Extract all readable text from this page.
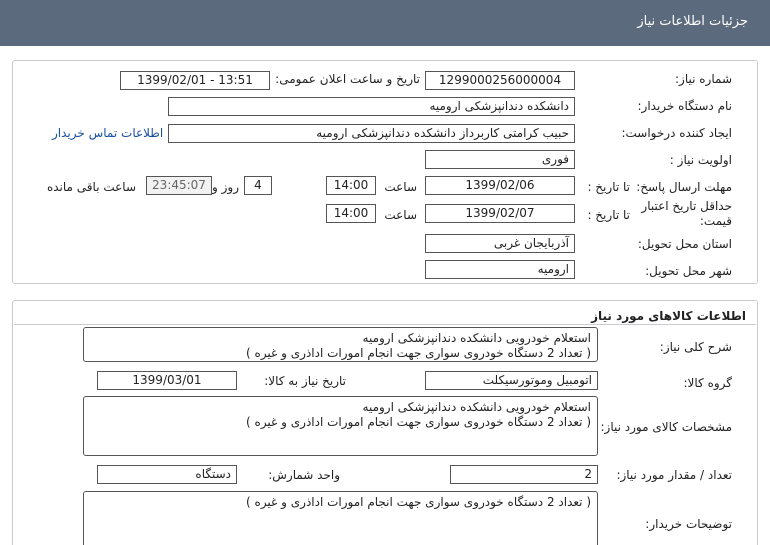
جزئیات اطلاعات نیاز
شماره نیاز:
1299000256000004
تاریخ و ساعت اعلان عمومی:
1399/02/01 - 13:51
نام دستگاه خریدار:
دانشکده دندانپزشکی ارومیه
ایجاد کننده درخواست:
حبیب کرامتی کاربرداز دانشکده دندانپزشکی ارومیه
اطلاعات تماس خریدار
اولویت نیاز :
فوری
مهلت ارسال پاسخ:
تا تاریخ :
1399/02/06
ساعت
14:00
4
روز و
23:45:07
ساعت باقی مانده
حداقل تاریخ اعتبار قیمت:
تا تاریخ :
1399/02/07
ساعت
14:00
استان محل تحویل:
آذربایجان غربی
شهر محل تحویل:
ارومیه
اطلاعات کالاهای مورد نیاز
شرح کلی نیاز:
استعلام خودرویی دانشکده دندانپزشکی ارومیه
( تعداد 2 دستگاه خودروی سواری جهت انجام امورات اداذری و غیره )
گروه کالا:
اتومبیل وموتورسیکلت
تاریخ نیاز به کالا:
1399/03/01
مشخصات کالای مورد نیاز:
استعلام خودرویی دانشکده دندانپزشکی ارومیه
( تعداد 2 دستگاه خودروی سواری جهت انجام امورات اداذری و غیره )
تعداد / مقدار مورد نیاز:
2
واحد شمارش:
دستگاه
توضیحات خریدار:
( تعداد 2 دستگاه خودروی سواری جهت انجام امورات اداذری و غیره )
